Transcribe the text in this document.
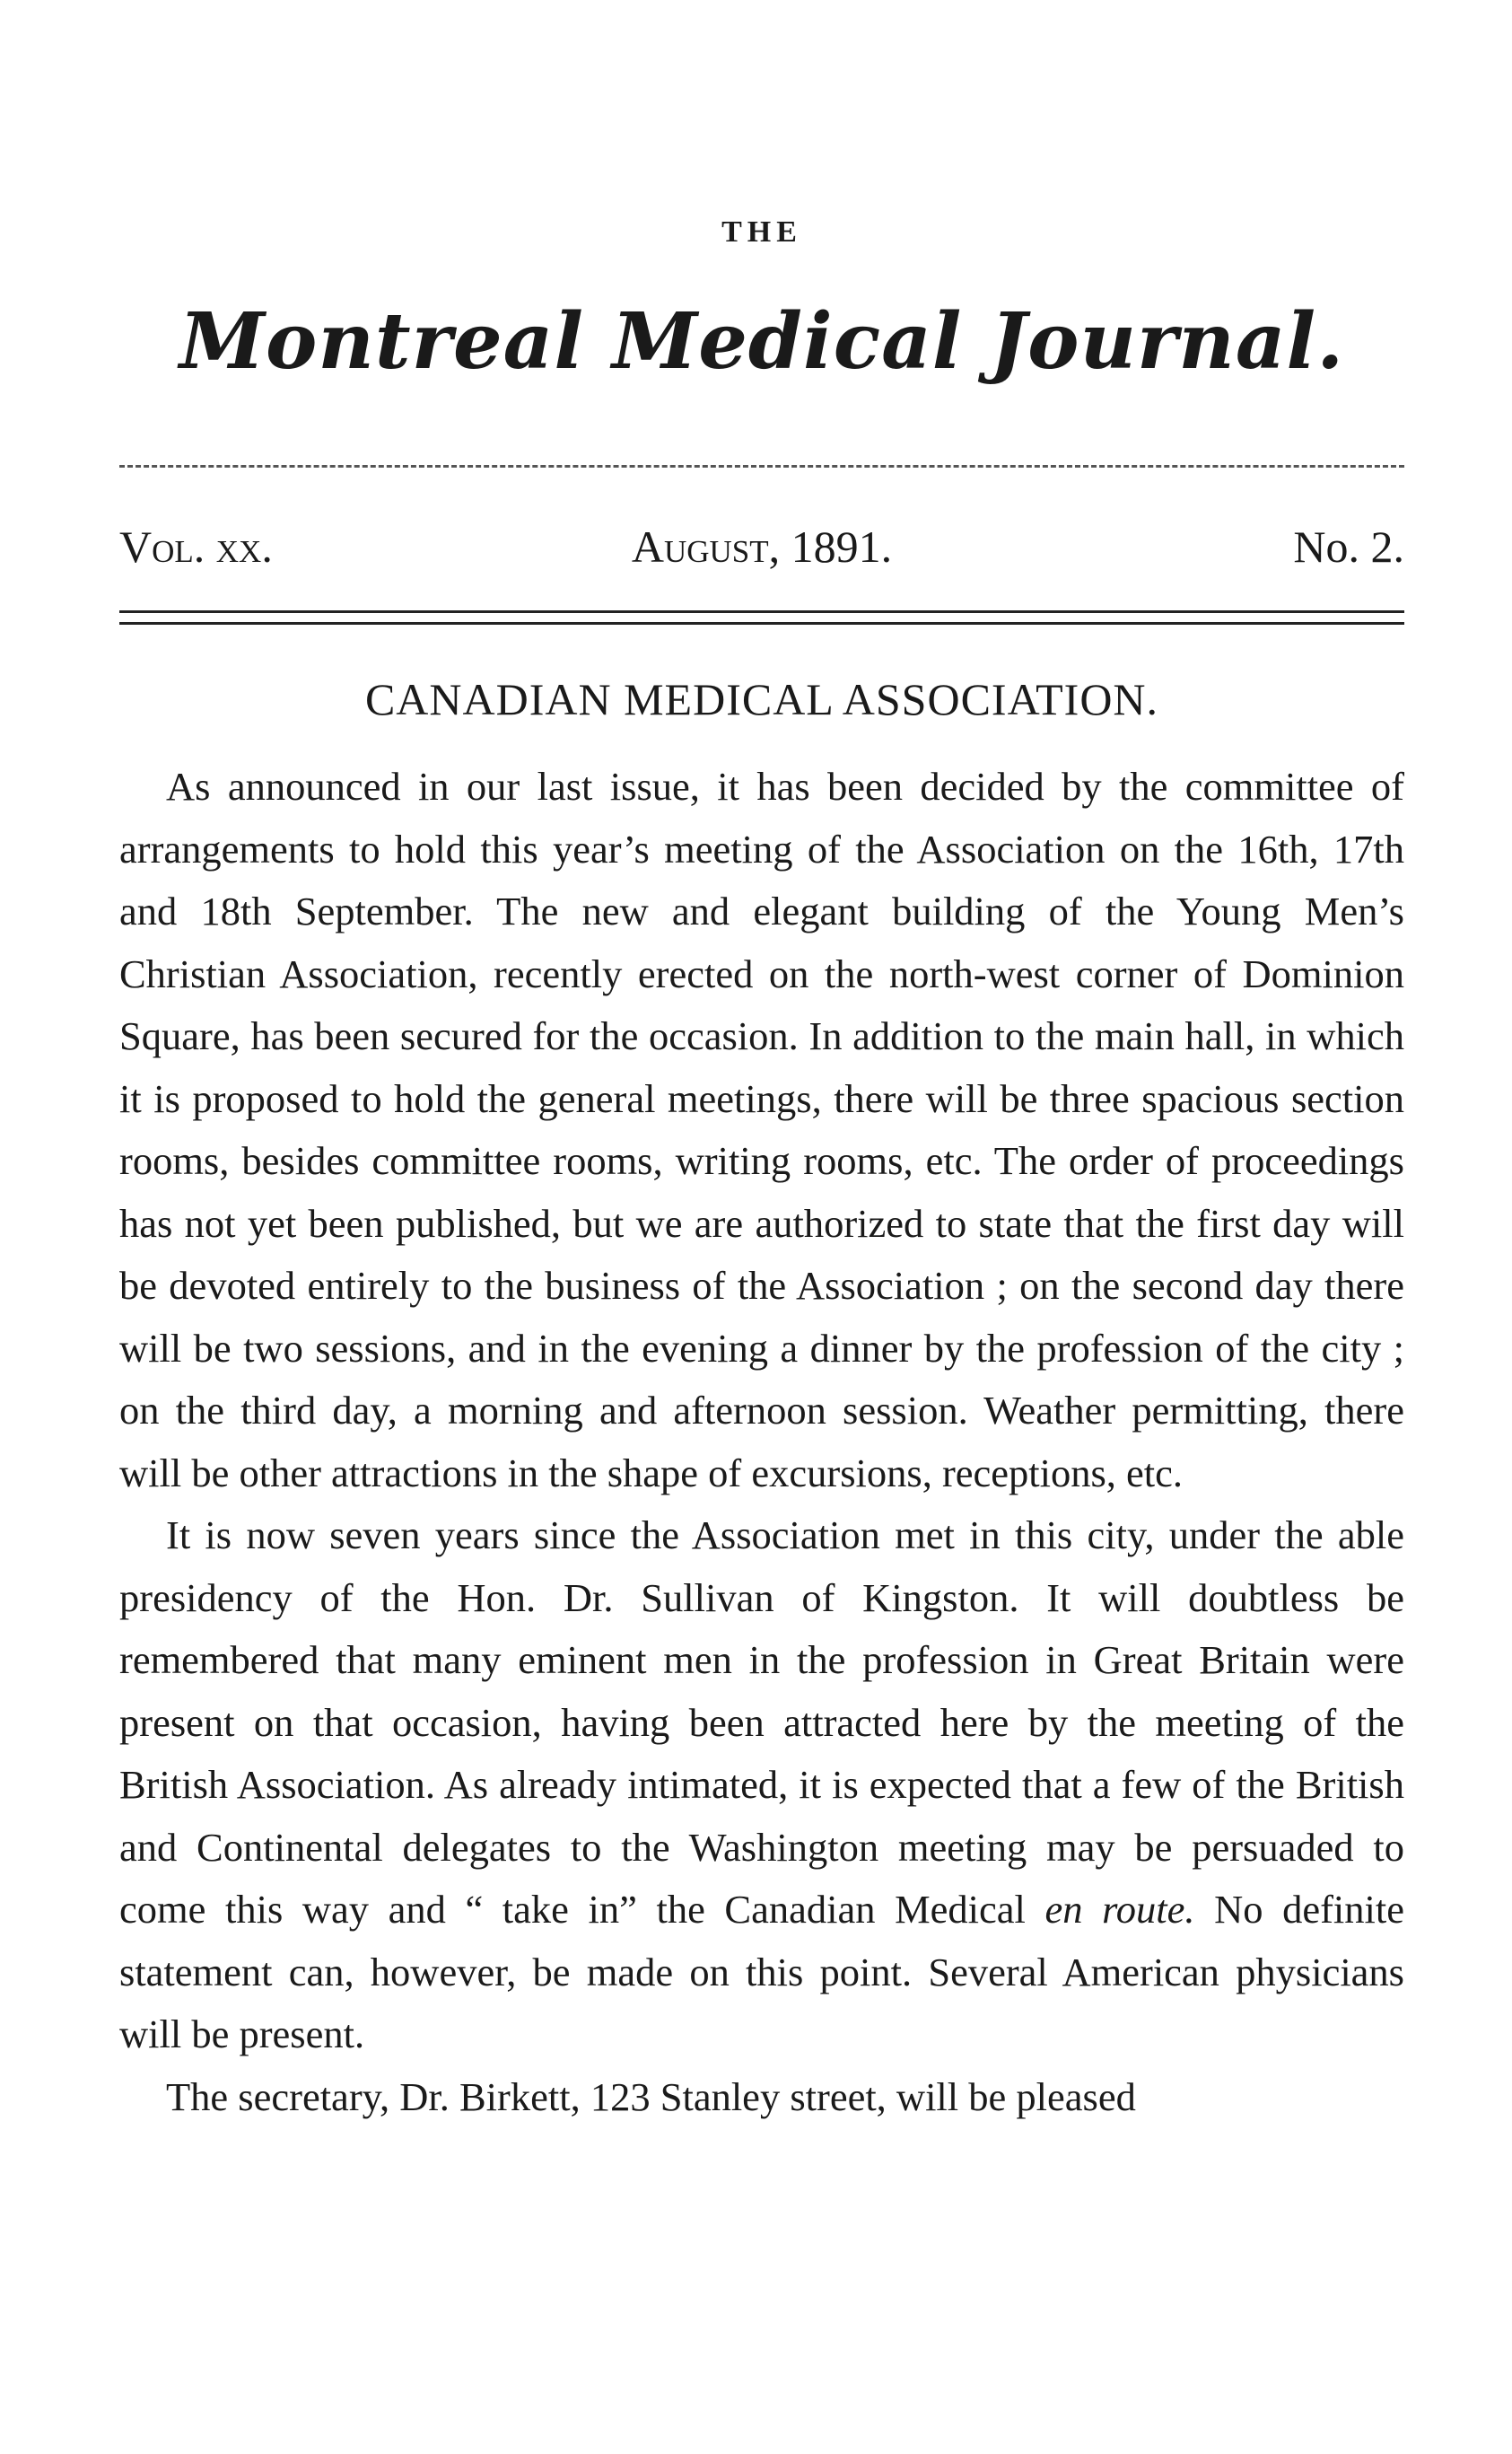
THE
Montreal Medical Journal.
Vol. xx.	August, 1891.	No. 2.
CANADIAN MEDICAL ASSOCIATION.

As announced in our last issue, it has been decided by the committee of arrangements to hold this year’s meeting of the Association on the 16th, 17th and 18th September. The new and elegant building of the Young Men’s Christian Association, recently erected on the north-west corner of Dominion Square, has been secured for the occasion. In addition to the main hall, in which it is proposed to hold the general meetings, there will be three spacious section rooms, besides committee rooms, writing rooms, etc. The order of proceedings has not yet been published, but we are authorized to state that the first day will be devoted entirely to the business of the Association ; on the second day there will be two sessions, and in the evening a dinner by the profession of the city ; on the third day, a morning and afternoon session. Weather permitting, there will be other attractions in the shape of excursions, receptions, etc.

It is now seven years since the Association met in this city, under the able presidency of the Hon. Dr. Sullivan of Kingston. It will doubtless be remembered that many eminent men in the profession in Great Britain were present on that occasion, having been attracted here by the meeting of the British Association. As already intimated, it is expected that a few of the British and Continental delegates to the Washington meeting may be persuaded to come this way and “ take in” the Canadian Medical en route. No definite statement can, however, be made on this point. Several American physicians will be present.

The secretary, Dr. Birkett, 123 Stanley street, will be pleased
